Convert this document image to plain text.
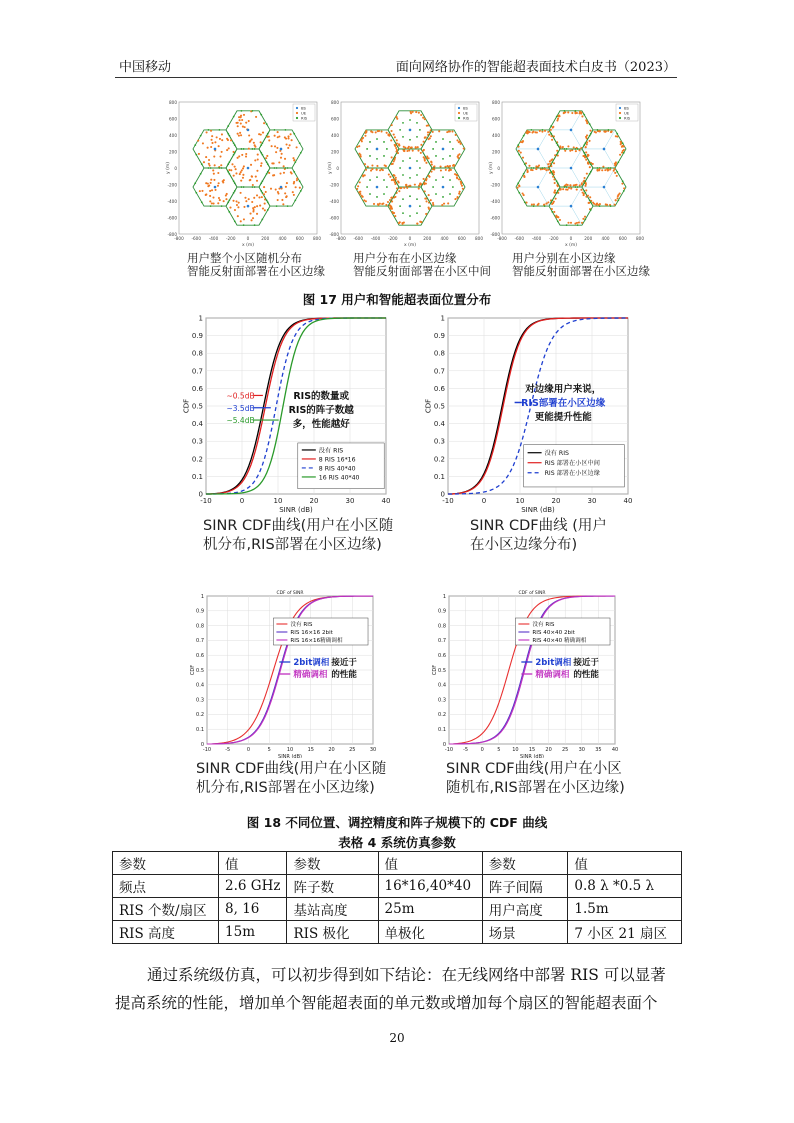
中国移动	面向网络协作的智能超表面技术白皮书（2023）
800
800
600
600
400
400
200
200
0
0
-200
-200
-400
-400
-600
-600
-800
-800
x (m)
y (m)
BS
UE
RIS
800
800
600
600
400
400
200
200
0
0
-200
-200
-400
-400
-600
-600
-800
-800
x (m)
y (m)
BS
UE
RIS
800
800
600
600
400
400
200
200
0
0
-200
-200
-400
-400
-600
-600
-800
-800
x (m)
y (m)
BS
UE
RIS
用户整个小区随机分布
智能反射面部署在小区边缘
用户分布在小区边缘
智能反射面部署在小区中间
用户分别在小区边缘
智能反射面部署在小区边缘
图 17 用户和智能超表面位置分布
0
0.1
0.2
0.3
0.4
0.5
0.6
0.7
0.8
0.9
1
-10	0	10	20	30	40
SINR (dB)
CDF
没有 RIS
8 RIS 16*16
8 RIS 40*40
16 RIS 40*40
~0.5dB
~3.5dB
~5.4dB
RIS的数量或
RIS的阵子数越
多，性能越好
0
0.1
0.2
0.3
0.4
0.5
0.6
0.7
0.8
0.9
1
-10	0	10	20	30	40
SINR (dB)
CDF
没有 RIS
RIS 部署在小区中间
RIS 部署在小区边缘
对边缘用户来说，
RIS部署在小区边缘
更能提升性能
SINR CDF曲线(用户在小区随
机分布,RIS部署在小区边缘)
SINR CDF曲线 (用户
在小区边缘分布)
0
0.1
0.2
0.3
0.4
0.5
0.6
0.7
0.8
0.9
1
-10	-5	0	5	10	15	20	25	30
SINR (dB)
CDF
CDF of SINR
没有 RIS
RIS 16×16 2bit
RIS 16×16精确调相
2bit调相 接近于
精确调相 的性能
0
0.1
0.2
0.3
0.4
0.5
0.6
0.7
0.8
0.9
1
-10 -5	0	5 10 15 20 25 30 35 40
SINR (dB)
CDF
CDF of SINR
没有 RIS
RIS 40×40 2bit
RIS 40×40 精确调相
2bit调相 接近于
精确调相 的性能
SINR CDF曲线(用户在小区随
机分布,RIS部署在小区边缘)
SINR CDF曲线(用户在小区
随机布,RIS部署在小区边缘)
图 18 不同位置、调控精度和阵子规模下的 CDF 曲线
表格 4 系统仿真参数
参数	值	参数	值	参数	值
频点	2.6 GHz	阵子数	16*16,40*40	阵子间隔	0.8 λ *0.5 λ
RIS 个数/扇区	8, 16	基站高度	25m	用户高度	1.5m
RIS 高度	15m	RIS 极化	单极化	场景	7 小区 21 扇区
通过系统级仿真，可以初步得到如下结论：在无线网络中部署 RIS 可以显著
提高系统的性能，增加单个智能超表面的单元数或增加每个扇区的智能超表面个
20
